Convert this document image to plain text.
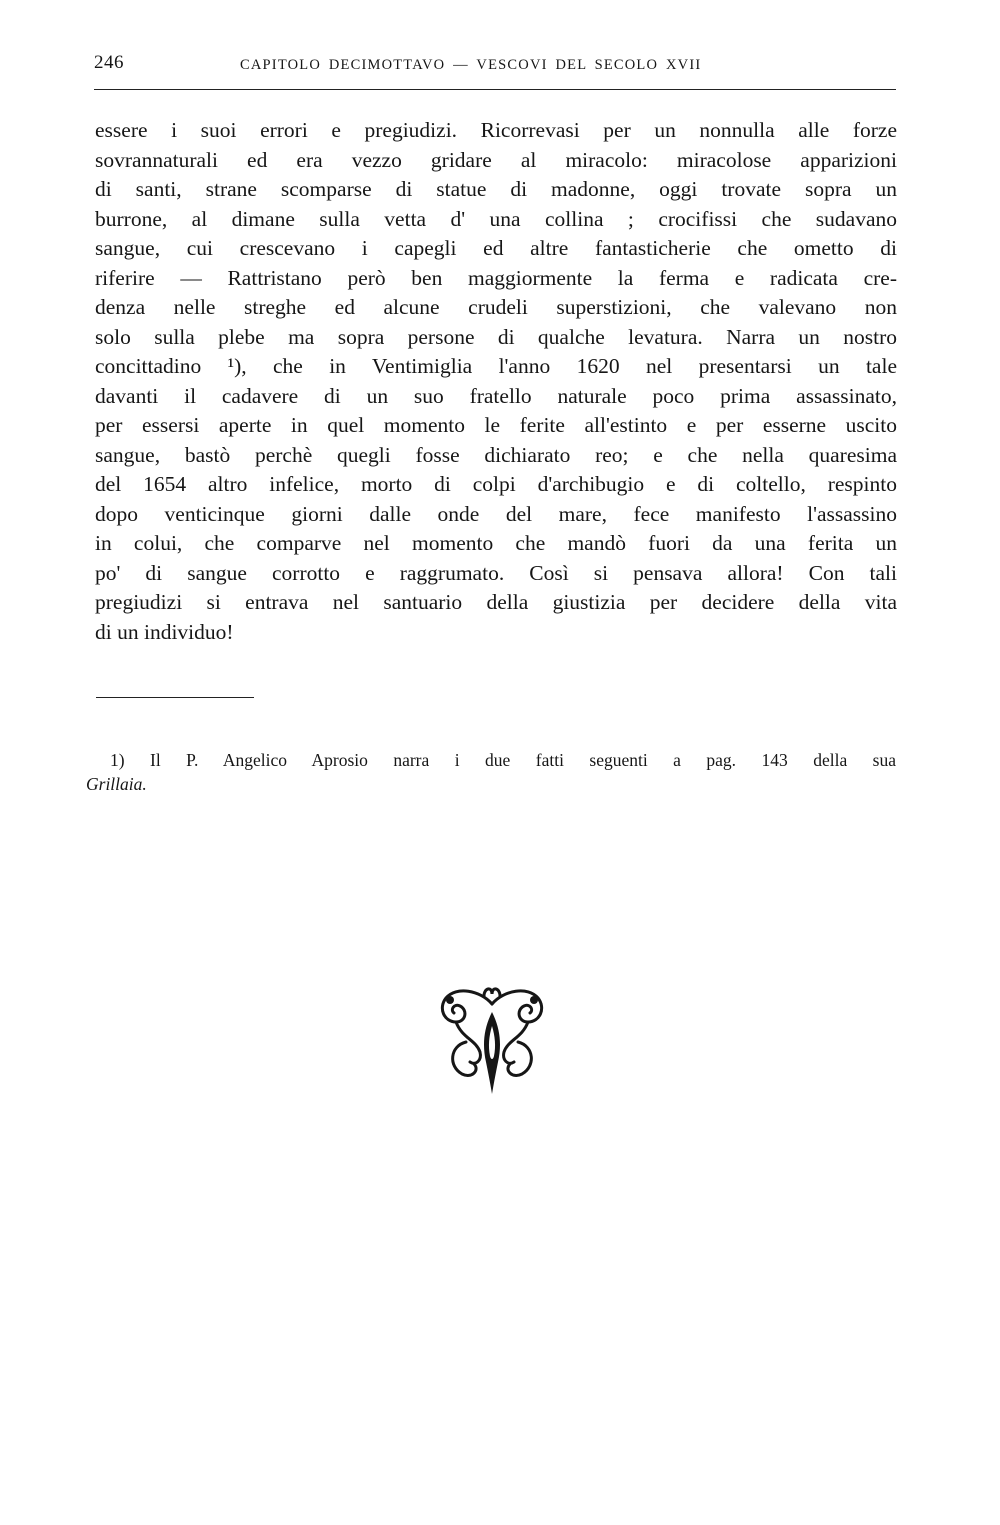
246	CAPITOLO DECIMOTTAVO — VESCOVI DEL SECOLO XVII

essere i suoi errori e pregiudizi. Ricorrevasi per un nonnulla alle forze
sovrannaturali ed era vezzo gridare al miracolo: miracolose apparizioni
di santi, strane scomparse di statue di madonne, oggi trovate sopra un
burrone, al dimane sulla vetta d' una collina ; crocifissi che sudavano
sangue, cui crescevano i capegli ed altre fantasticherie che ometto di
riferire — Rattristano però ben maggiormente la ferma e radicata cre-
denza nelle streghe ed alcune crudeli superstizioni, che valevano non
solo sulla plebe ma sopra persone di qualche levatura. Narra un nostro
concittadino ¹), che in Ventimiglia l'anno 1620 nel presentarsi un tale
davanti il cadavere di un suo fratello naturale poco prima assassinato,
per essersi aperte in quel momento le ferite all'estinto e per esserne uscito
sangue, bastò perchè quegli fosse dichiarato reo; e che nella quaresima
del 1654 altro infelice, morto di colpi d'archibugio e di coltello, respinto
dopo venticinque giorni dalle onde del mare, fece manifesto l'assassino
in colui, che comparve nel momento che mandò fuori da una ferita un
po' di sangue corrotto e raggrumato. Così si pensava allora! Con tali
pregiudizi si entrava nel santuario della giustizia per decidere della vita
di un individuo!

1) Il P. Angelico Aprosio narra i due fatti seguenti a pag. 143 della sua
Grillaia.
